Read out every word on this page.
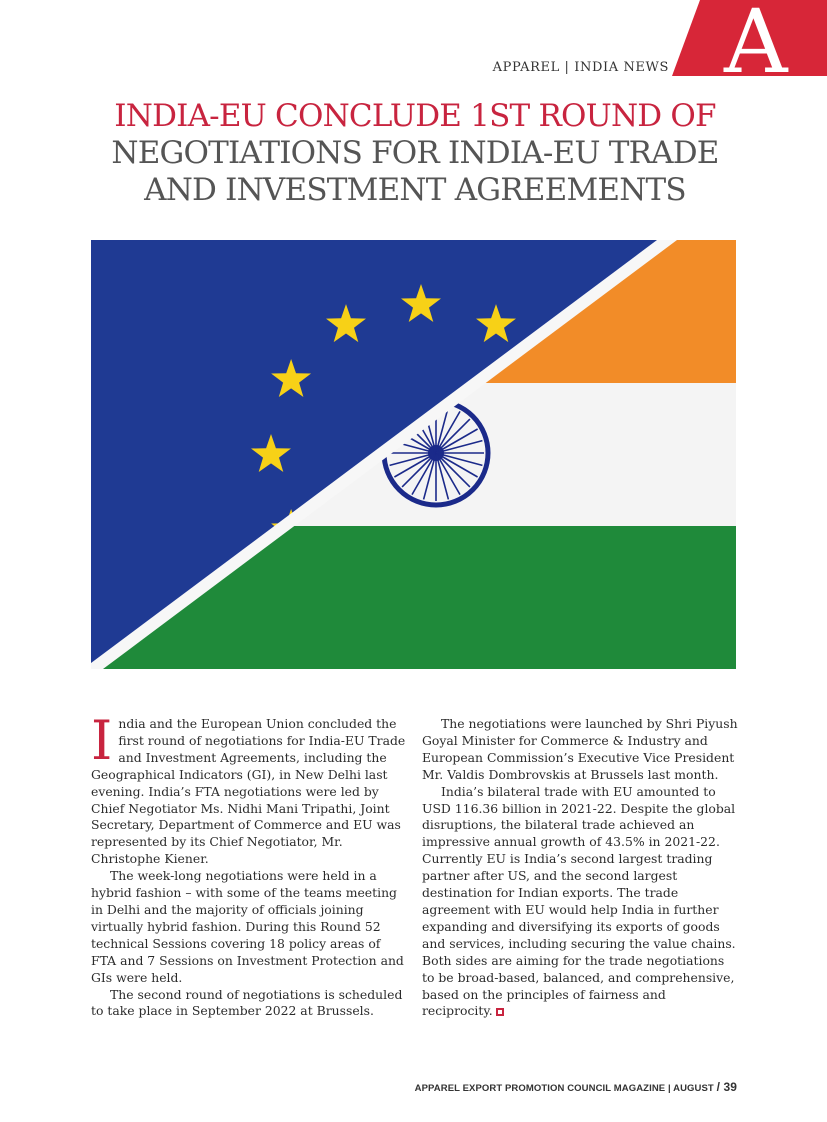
A
APPAREL | INDIA NEWS
INDIA-EU CONCLUDE 1ST ROUND OF
NEGOTIATIONS FOR INDIA-EU TRADE
AND INVESTMENT AGREEMENTS

India and the European Union concluded the first round of negotiations for India-EU Trade and Investment Agreements, including the Geographical Indicators (GI), in New Delhi last evening. India’s FTA negotiations were led by Chief Negotiator Ms. Nidhi Mani Tripathi, Joint Secretary, Department of Commerce and EU was represented by its Chief Negotiator, Mr. Christophe Kiener.

The week-long negotiations were held in a hybrid fashion – with some of the teams meeting in Delhi and the majority of officials joining virtually hybrid fashion. During this Round 52 technical Sessions covering 18 policy areas of FTA and 7 Sessions on Investment Protection and GIs were held.

The second round of negotiations is scheduled to take place in September 2022 at Brussels.

The negotiations were launched by Shri Piyush Goyal Minister for Commerce & Industry and European Commission’s Executive Vice President Mr. Valdis Dombrovskis at Brussels last month.

India’s bilateral trade with EU amounted to USD 116.36 billion in 2021-22. Despite the global disruptions, the bilateral trade achieved an impressive annual growth of 43.5% in 2021-22. Currently EU is India’s second largest trading partner after US, and the second largest destination for Indian exports. The trade agreement with EU would help India in further expanding and diversifying its exports of goods and services, including securing the value chains. Both sides are aiming for the trade negotiations to be broad-based, balanced, and comprehensive, based on the principles of fairness and reciprocity.

APPAREL EXPORT PROMOTION COUNCIL MAGAZINE | AUGUST / 39
